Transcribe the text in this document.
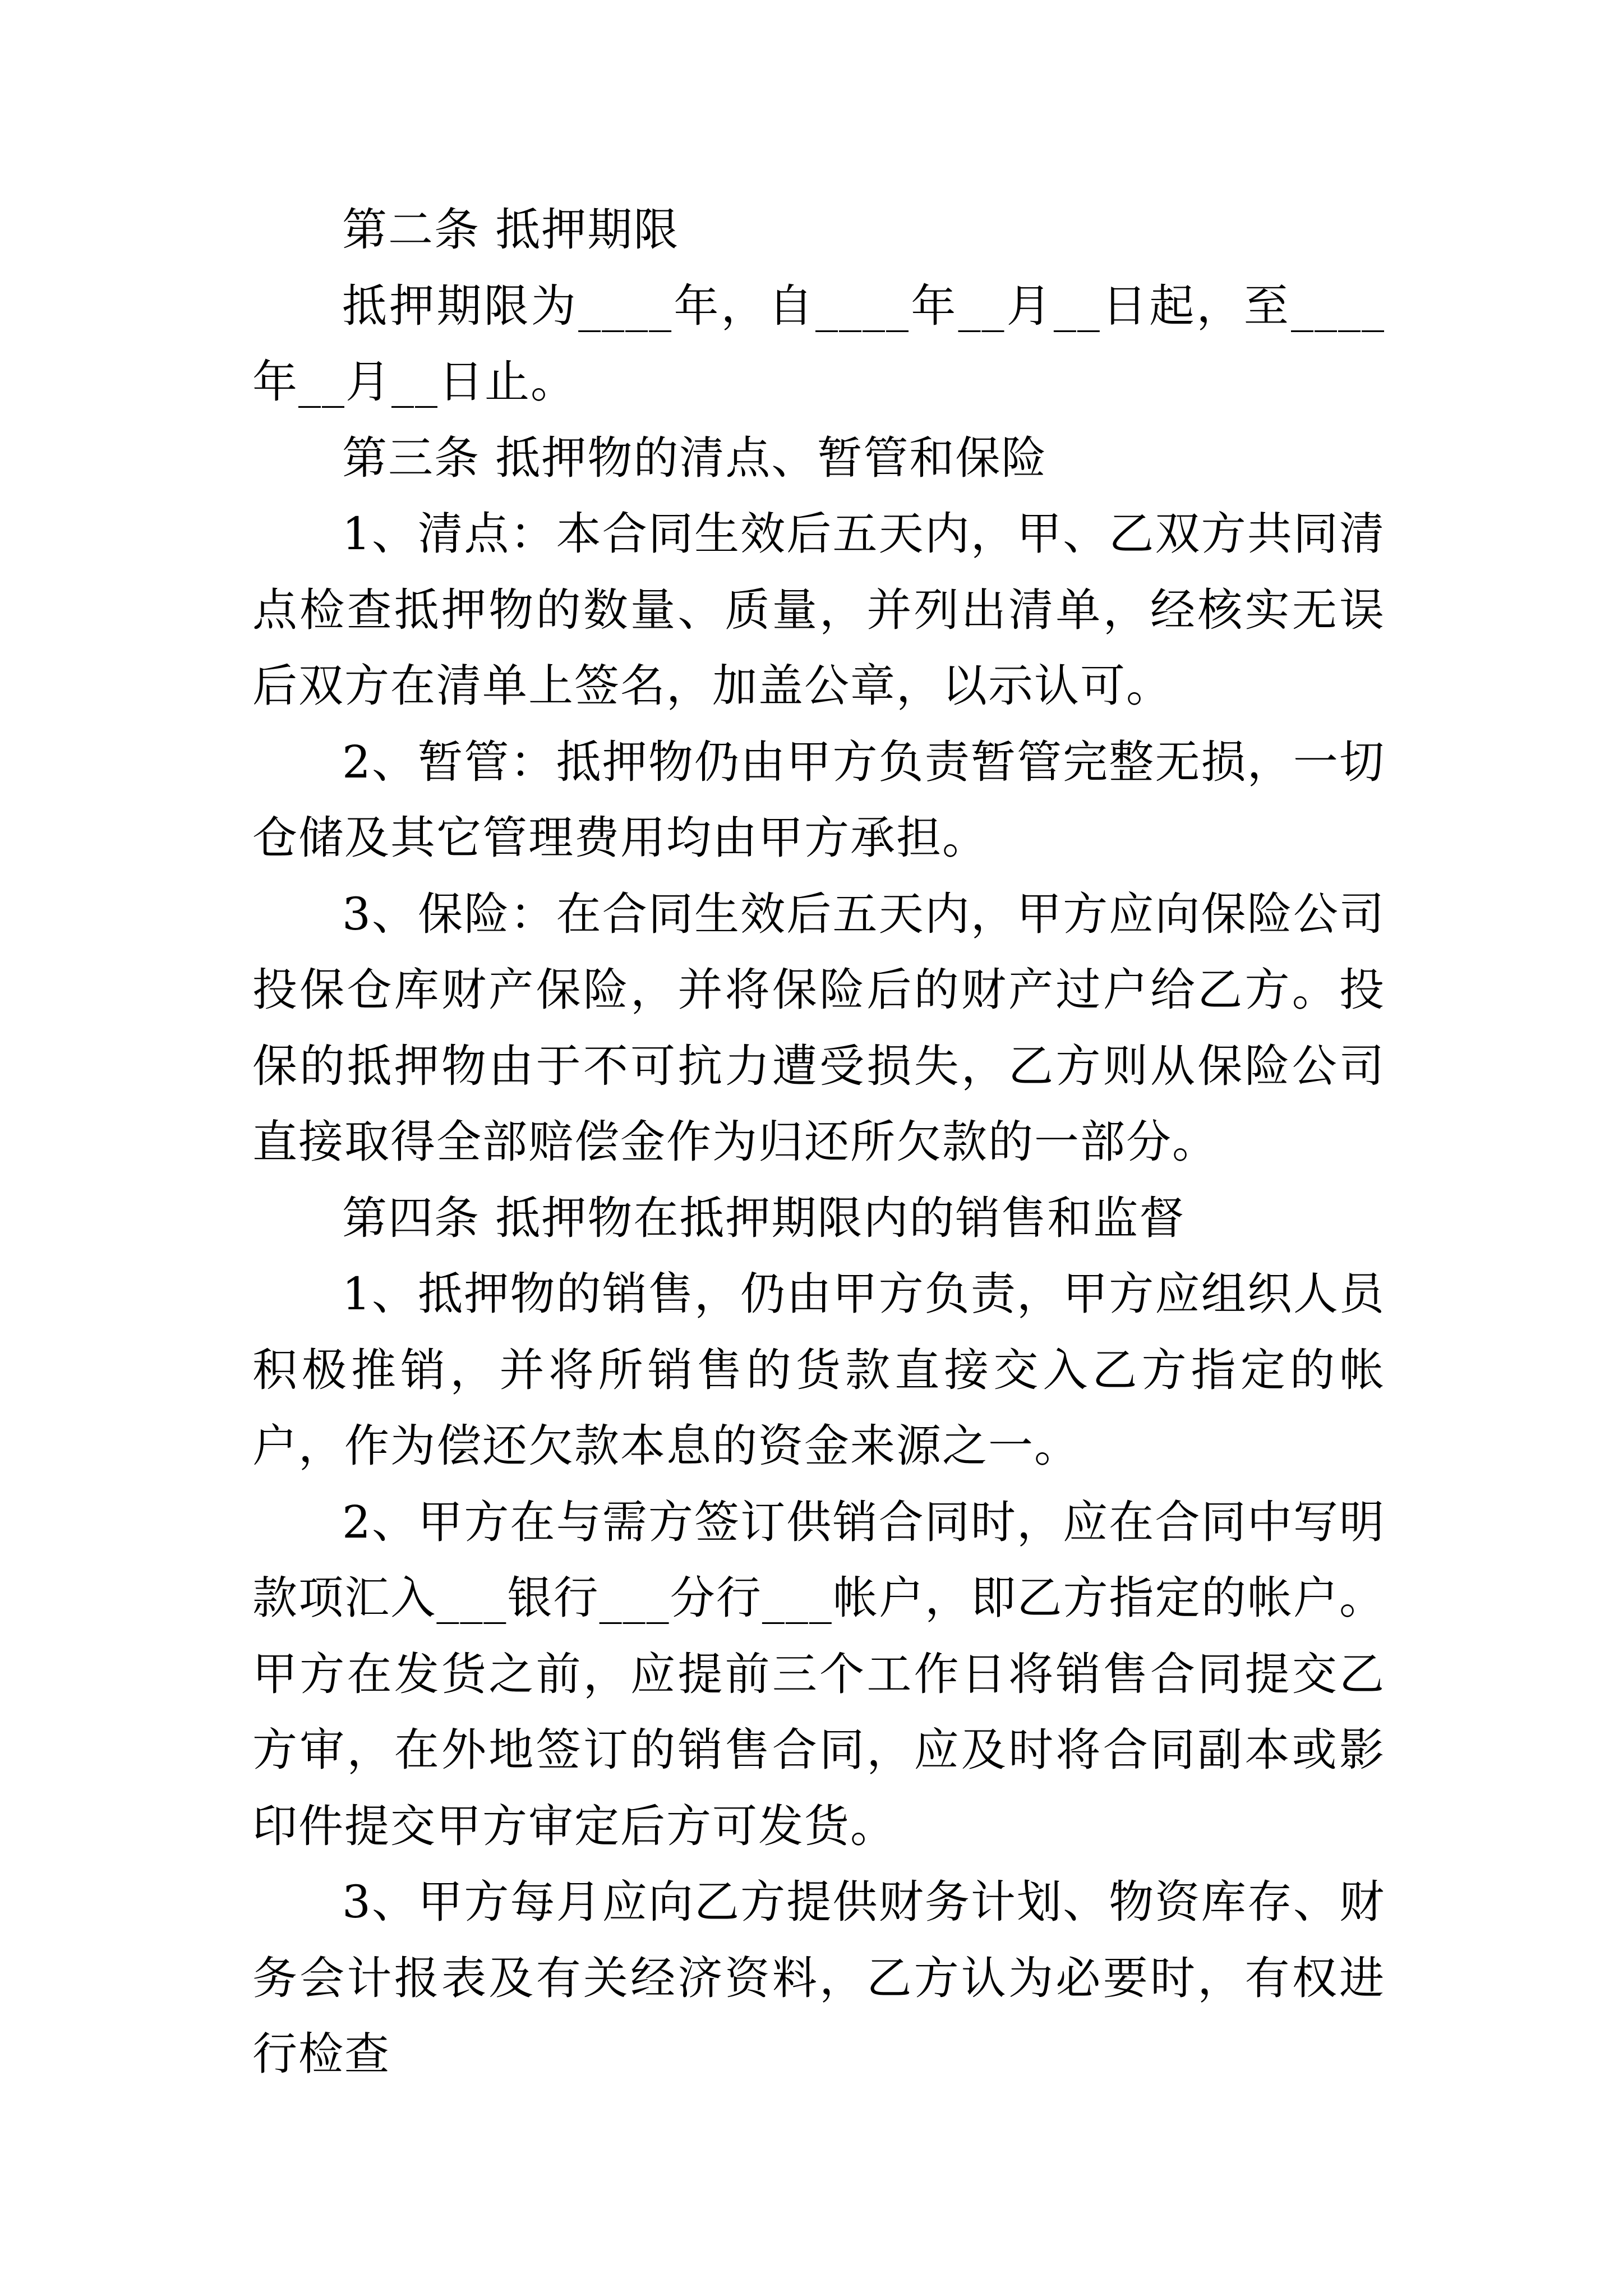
第二条 抵押期限

抵押期限为____年，自____年__月__日起，至____年__月__日止。

第三条 抵押物的清点、暂管和保险

1、清点：本合同生效后五天内，甲、乙双方共同清点检查抵押物的数量、质量，并列出清单，经核实无误后双方在清单上签名，加盖公章，以示认可。

2、暂管：抵押物仍由甲方负责暂管完整无损，一切仓储及其它管理费用均由甲方承担。

3、保险：在合同生效后五天内，甲方应向保险公司投保仓库财产保险，并将保险后的财产过户给乙方。投保的抵押物由于不可抗力遭受损失，乙方则从保险公司直接取得全部赔偿金作为归还所欠款的一部分。

第四条 抵押物在抵押期限内的销售和监督

1、抵押物的销售，仍由甲方负责，甲方应组织人员积极推销，并将所销售的货款直接交入乙方指定的帐户，作为偿还欠款本息的资金来源之一。

2、甲方在与需方签订供销合同时，应在合同中写明款项汇入___银行___分行___帐户，即乙方指定的帐户。甲方在发货之前，应提前三个工作日将销售合同提交乙方审，在外地签订的销售合同，应及时将合同副本或影印件提交甲方审定后方可发货。

3、甲方每月应向乙方提供财务计划、物资库存、财务会计报表及有关经济资料，乙方认为必要时，有权进行检查
